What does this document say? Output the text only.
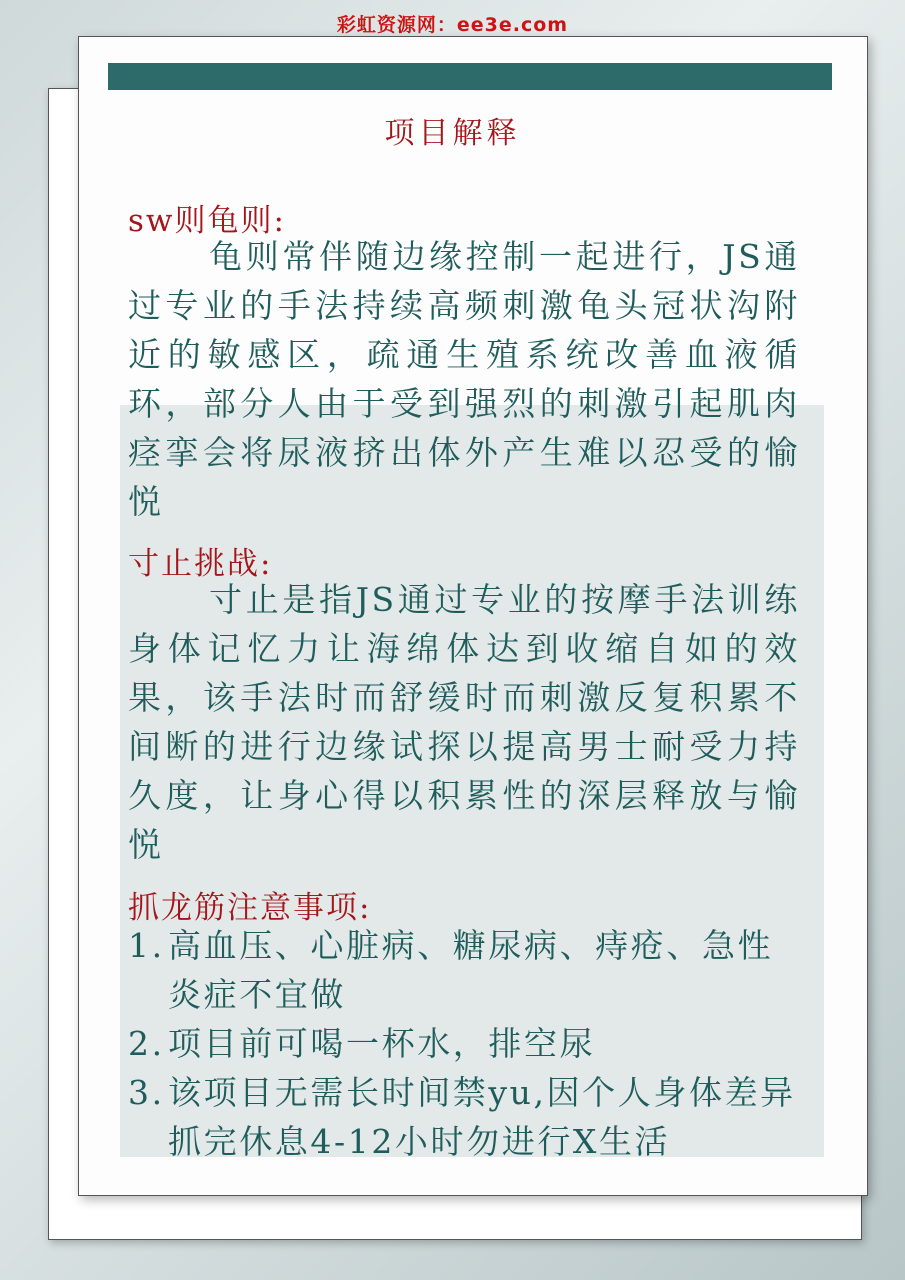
彩虹资源网：ee3e.com
项目解释
sw则龟则:

龟则常伴随边缘控制一起进行，JS通过专业的手法持续高频刺激龟头冠状沟附近的敏感区，疏通生殖系统改善血液循环，部分人由于受到强烈的刺激引起肌肉痉挛会将尿液挤出体外产生难以忍受的愉悦

寸止挑战:

寸止是指JS通过专业的按摩手法训练身体记忆力让海绵体达到收缩自如的效果，该手法时而舒缓时而刺激反复积累不间断的进行边缘试探以提高男士耐受力持久度，让身心得以积累性的深层释放与愉悦

抓龙筋注意事项:
1. 高血压、心脏病、糖尿病、痔疮、急性炎症不宜做
2. 项目前可喝一杯水，排空尿
3. 该项目无需长时间禁yu,因个人身体差异抓完休息4-12小时勿进行X生活
